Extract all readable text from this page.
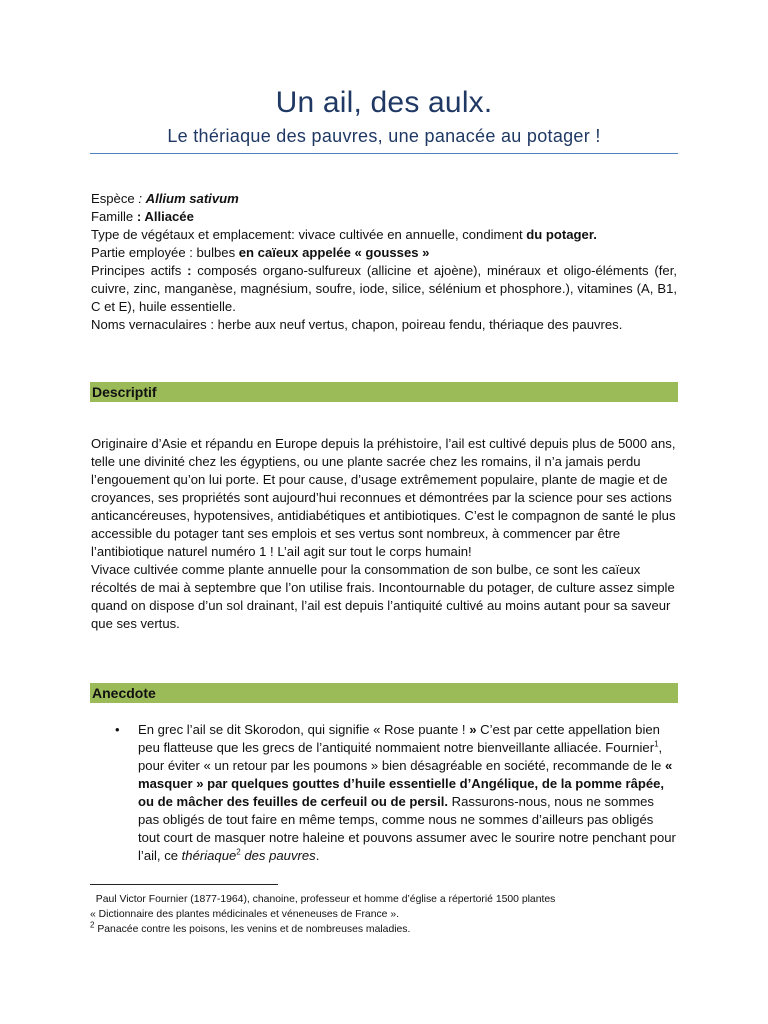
Un ail, des aulx.
Le thériaque des pauvres, une panacée au potager !

Espèce : Allium sativum

Famille : Alliacée

Type de végétaux et emplacement: vivace cultivée en annuelle, condiment du potager.

Partie employée : bulbes en caïeux appelée « gousses »

Principes actifs : composés organo-sulfureux (allicine et ajoène), minéraux et oligo-éléments (fer, cuivre, zinc, manganèse, magnésium, soufre, iode, silice, sélénium et phosphore.), vitamines (A, B1, C et E), huile essentielle.

Noms vernaculaires : herbe aux neuf vertus, chapon, poireau fendu, thériaque des pauvres.

Descriptif

Originaire d’Asie et répandu en Europe depuis la préhistoire, l’ail est cultivé depuis plus de 5000 ans, telle une divinité chez les égyptiens, ou une plante sacrée chez les romains, il n’a jamais perdu l’engouement qu’on lui porte. Et pour cause, d’usage extrêmement populaire, plante de magie et de croyances, ses propriétés sont aujourd’hui reconnues et démontrées par la science pour ses actions anticancéreuses, hypotensives, antidiabétiques et antibiotiques. C’est le compagnon de santé le plus accessible du potager tant ses emplois et ses vertus sont nombreux, à commencer par être l’antibiotique naturel numéro 1 ! L’ail agit sur tout le corps humain!

Vivace cultivée comme plante annuelle pour la consommation de son bulbe, ce sont les caïeux récoltés de mai à septembre que l’on utilise frais. Incontournable du potager, de culture assez simple quand on dispose d’un sol drainant, l’ail est depuis l’antiquité cultivé au moins autant pour sa saveur que ses vertus.

Anecdote
• En grec l’ail se dit Skorodon, qui signifie « Rose puante ! » C’est par cette appellation bien peu flatteuse que les grecs de l’antiquité nommaient notre bienveillante alliacée. Fournier$^1$, pour éviter « un retour par les poumons » bien désagréable en société, recommande de le « masquer » par quelques gouttes d’huile essentielle d’Angélique, de la pomme râpée, ou de mâcher des feuilles de cerfeuil ou de persil. Rassurons-nous, nous ne sommes pas obligés de tout faire en même temps, comme nous ne sommes d’ailleurs pas obligés tout court de masquer notre haleine et pouvons assumer avec le sourire notre penchant pour l’ail, ce thériaque$^2$ des pauvres.

Paul Victor Fournier (1877-1964), chanoine, professeur et homme d’église a répertorié 1500 plantes

« Dictionnaire des plantes médicinales et véneneuses de France ».

$^2$ Panacée contre les poisons, les venins et de nombreuses maladies.
